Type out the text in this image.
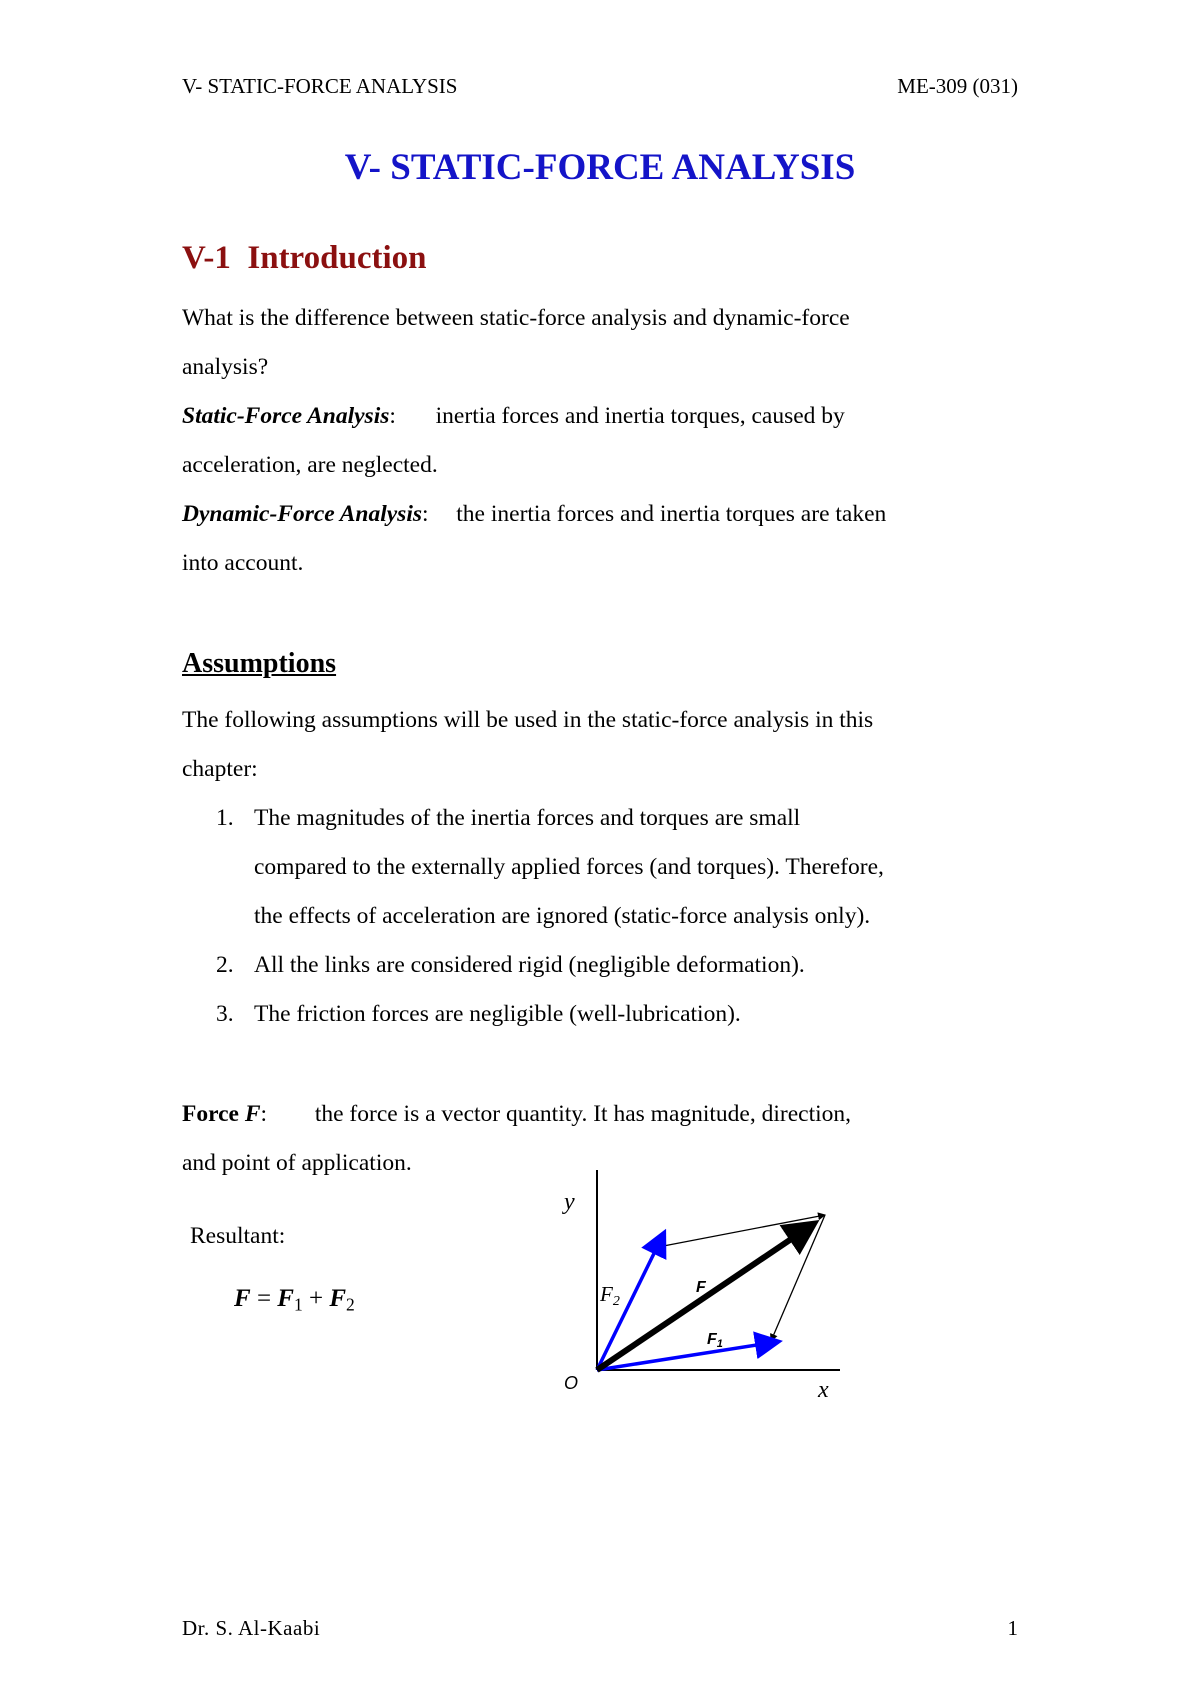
V- STATIC-FORCE ANALYSIS	ME-309 (031)
V- STATIC-FORCE ANALYSIS
V-1 Introduction
What is the difference between static-force analysis and dynamic-force
analysis?
Static-Force Analysis: inertia forces and inertia torques, caused by
acceleration, are neglected.
Dynamic-Force Analysis: the inertia forces and inertia torques are taken
into account.
Assumptions
The following assumptions will be used in the static-force analysis in this
chapter:
1. The magnitudes of the inertia forces and torques are small
compared to the externally applied forces (and torques). Therefore,
the effects of acceleration are ignored (static-force analysis only).
2. All the links are considered rigid (negligible deformation).
3. The friction forces are negligible (well-lubrication).
Force F: the force is a vector quantity. It has magnitude, direction,
and point of application.
Resultant:
$F = F_1 + F_2$
y
x
O
F2
F
F1
Dr. S. Al-Kaabi	1
